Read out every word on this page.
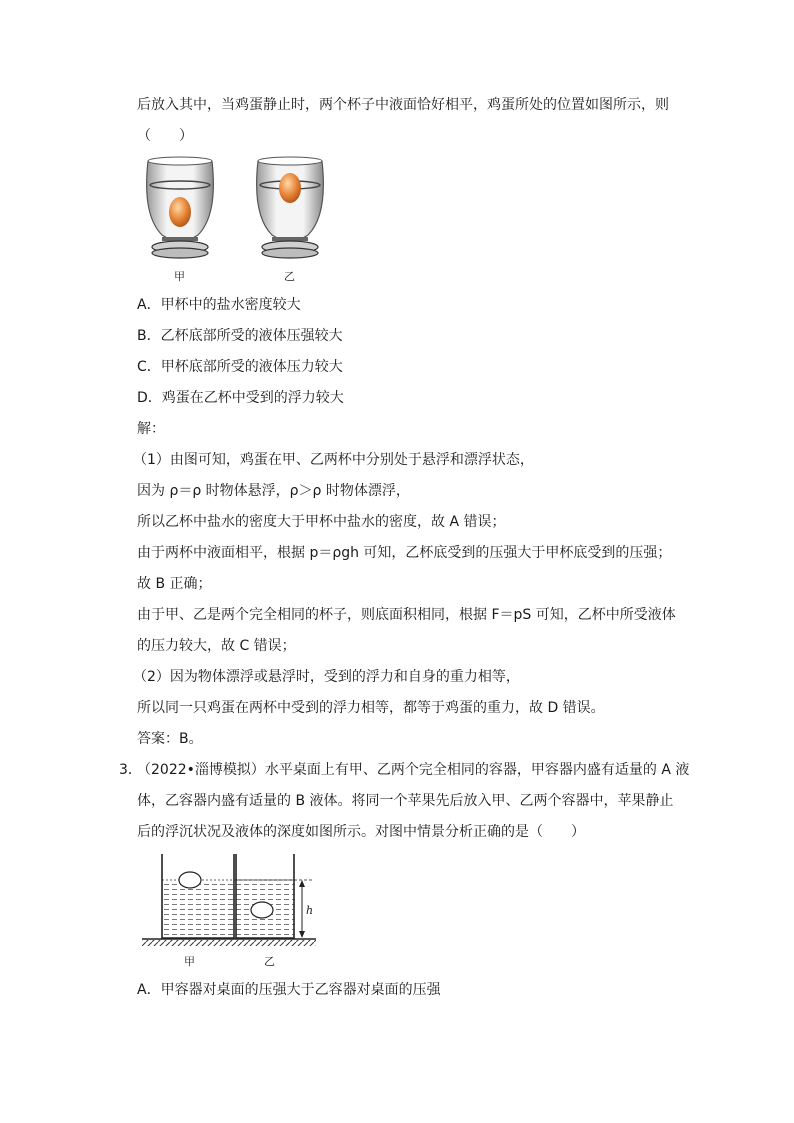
后放入其中，当鸡蛋静止时，两个杯子中液面恰好相平，鸡蛋所处的位置如图所示，则
（　　）
甲	乙
A．甲杯中的盐水密度较大
B．乙杯底部所受的液体压强较大
C．甲杯底部所受的液体压力较大
D．鸡蛋在乙杯中受到的浮力较大
解：
（1）由图可知，鸡蛋在甲、乙两杯中分别处于悬浮和漂浮状态，
因为 ρ＝ρ 时物体悬浮，ρ＞ρ 时物体漂浮，
所以乙杯中盐水的密度大于甲杯中盐水的密度，故 A 错误；
由于两杯中液面相平，根据 p＝ρgh 可知，乙杯底受到的压强大于甲杯底受到的压强；
故 B 正确；
由于甲、乙是两个完全相同的杯子，则底面积相同，根据 F＝pS 可知，乙杯中所受液体
的压力较大，故 C 错误；
（2）因为物体漂浮或悬浮时，受到的浮力和自身的重力相等，
所以同一只鸡蛋在两杯中受到的浮力相等，都等于鸡蛋的重力，故 D 错误。
答案：B。
3．
（2022•淄博模拟）水平桌面上有甲、乙两个完全相同的容器，甲容器内盛有适量的 A 液
体，乙容器内盛有适量的 B 液体。将同一个苹果先后放入甲、乙两个容器中，苹果静止
后的浮沉状况及液体的深度如图所示。对图中情景分析正确的是（　　）
h
甲	乙
A．甲容器对桌面的压强大于乙容器对桌面的压强
